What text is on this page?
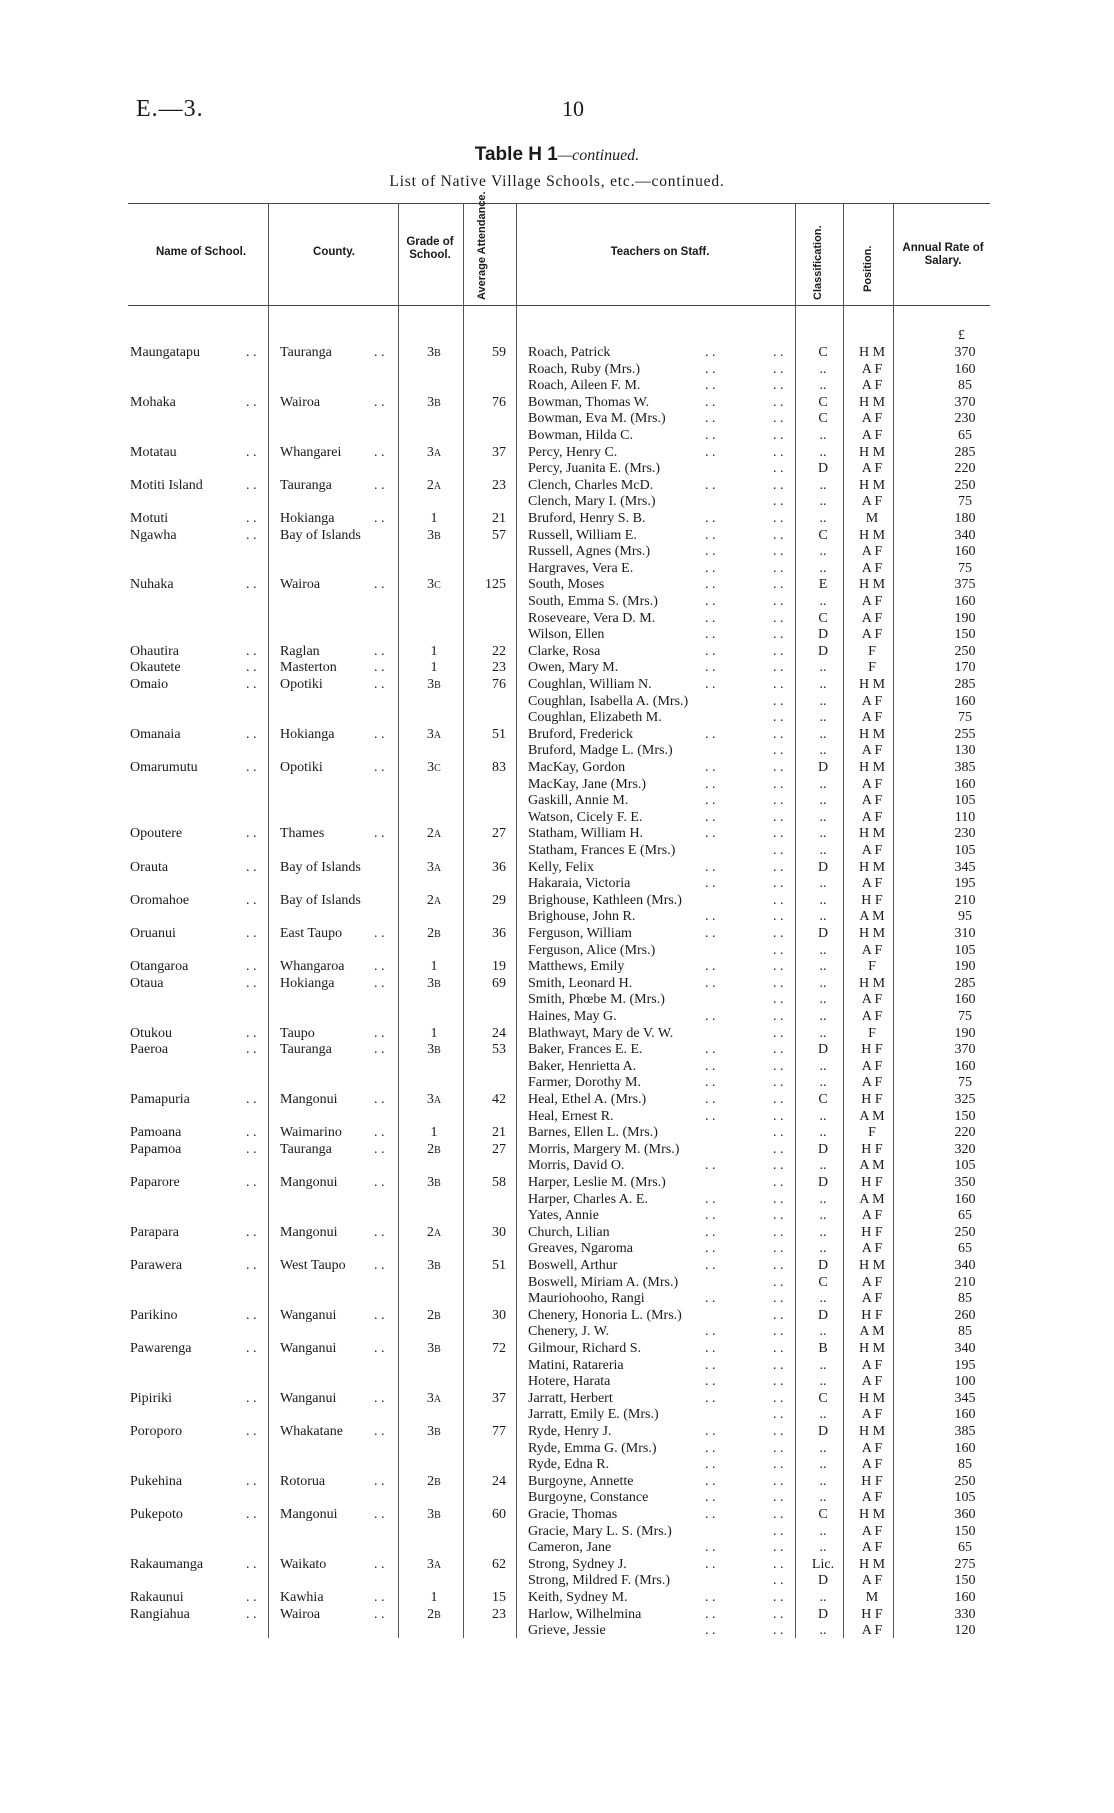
E.—3.	10
Table H 1—continued.
List of Native Village Schools, etc.—continued.
Name of School.	County.
Grade of School.	Average Attendance.	Teachers on Staff.	Classification.	Position. Annual Rate of Salary.
£
Maungatapu	. . Tauranga	. .	3B	59 Roach, Patrick	. .	. .	C	H M	370
Roach, Ruby (Mrs.)	. .	. .	..	A F	160
Roach, Aileen F. M.	. .	. .	..	A F	85
Mohaka	. . Wairoa	. .	3B	76 Bowman, Thomas W.	. .	. .	C	H M	370
Bowman, Eva M. (Mrs.)	. .	. .	C	A F	230
Bowman, Hilda C.	. .	. .	..	A F	65
Motatau	. . Whangarei . .	3A	37 Percy, Henry C.	. .	. .	..	H M	285
Percy, Juanita E. (Mrs.)	. .	D	A F	220
Motiti Island	. . Tauranga	. .	2A	23 Clench, Charles McD.	. .	. .	..	H M	250
Clench, Mary I. (Mrs.)	. .	..	A F	75
Motuti	. . Hokianga	. .	1	21 Bruford, Henry S. B.	. .	. .	..	M	180
Ngawha	. . Bay of Islands	3B	57 Russell, William E.	. .	. .	C	H M	340
Russell, Agnes (Mrs.)	. .	. .	..	A F	160
Hargraves, Vera E.	. .	. .	..	A F	75
Nuhaka	. . Wairoa	. .	3C	125 South, Moses	. .	. .	E	H M	375
South, Emma S. (Mrs.)	. .	. .	..	A F	160
Roseveare, Vera D. M.	. .	. .	C	A F	190
Wilson, Ellen	. .	. .	D	A F	150
Ohautira	. . Raglan	. .	1	22 Clarke, Rosa	. .	. .	D	F	250
Okautete	. . Masterton	. .	1	23 Owen, Mary M.	. .	. .	..	F	170
Omaio	. . Opotiki	. .	3B	76 Coughlan, William N.	. .	. .	..	H M	285
Coughlan, Isabella A. (Mrs.)	. .	..	A F	160
Coughlan, Elizabeth M.	. .	..	A F	75
Omanaia	. . Hokianga	. .	3A	51 Bruford, Frederick	. .	. .	..	H M	255
Bruford, Madge L. (Mrs.)	. .	..	A F	130
Omarumutu	. . Opotiki	. .	3C	83 MacKay, Gordon	. .	. .	D	H M	385
MacKay, Jane (Mrs.)	. .	. .	..	A F	160
Gaskill, Annie M.	. .	. .	..	A F	105
Watson, Cicely F. E.	. .	. .	..	A F	110
Opoutere	. . Thames	. .	2A	27 Statham, William H.	. .	. .	..	H M	230
Statham, Frances E (Mrs.)	. .	..	A F	105
Orauta	. . Bay of Islands	3A	36 Kelly, Felix	. .	. .	D	H M	345
Hakaraia, Victoria	. .	. .	..	A F	195
Oromahoe	. . Bay of Islands	2A	29 Brighouse, Kathleen (Mrs.)	. .	..	H F	210
Brighouse, John R.	. .	. .	..	A M	95
Oruanui	. . East Taupo . .	2B	36 Ferguson, William	. .	. .	D	H M	310
Ferguson, Alice (Mrs.)	. .	..	A F	105
Otangaroa	. . Whangaroa . .	1	19 Matthews, Emily	. .	. .	..	F	190
Otaua	. . Hokianga	. .	3B	69 Smith, Leonard H.	. .	. .	..	H M	285
Smith, Phœbe M. (Mrs.)	. .	..	A F	160
Haines, May G.	. .	. .	..	A F	75
Otukou	. . Taupo	. .	1	24 Blathwayt, Mary de V. W.	. .	..	F	190
Paeroa	. . Tauranga	. .	3B	53 Baker, Frances E. E.	. .	. .	D	H F	370
Baker, Henrietta A.	. .	. .	..	A F	160
Farmer, Dorothy M.	. .	. .	..	A F	75
Pamapuria	. . Mangonui	. .	3A	42 Heal, Ethel A. (Mrs.)	. .	. .	C	H F	325
Heal, Ernest R.	. .	. .	..	A M	150
Pamoana	. . Waimarino . .	1	21 Barnes, Ellen L. (Mrs.)	. .	..	F	220
Papamoa	. . Tauranga	. .	2B	27 Morris, Margery M. (Mrs.)	. .	D	H F	320
Morris, David O.	. .	. .	..	A M	105
Paparore	. . Mangonui	. .	3B	58 Harper, Leslie M. (Mrs.)	. .	D	H F	350
Harper, Charles A. E.	. .	. .	..	A M	160
Yates, Annie	. .	. .	..	A F	65
Parapara	. . Mangonui	. .	2A	30 Church, Lilian	. .	. .	..	H F	250
Greaves, Ngaroma	. .	. .	..	A F	65
Parawera	. . West Taupo . .	3B	51 Boswell, Arthur	. .	. .	D	H M	340
Boswell, Miriam A. (Mrs.)	. .	C	A F	210
Mauriohooho, Rangi	. .	. .	..	A F	85
Parikino	. . Wanganui	. .	2B	30 Chenery, Honoria L. (Mrs.)	. .	D	H F	260
Chenery, J. W.	. .	. .	..	A M	85
Pawarenga	. . Wanganui	. .	3B	72 Gilmour, Richard S.	. .	. .	B	H M	340
Matini, Ratareria	. .	. .	..	A F	195
Hotere, Harata	. .	. .	..	A F	100
Pipiriki	. . Wanganui	. .	3A	37 Jarratt, Herbert	. .	. .	C	H M	345
Jarratt, Emily E. (Mrs.)	. .	..	A F	160
Poroporo	. . Whakatane . .	3B	77 Ryde, Henry J.	. .	. .	D	H M	385
Ryde, Emma G. (Mrs.)	. .	. .	..	A F	160
Ryde, Edna R.	. .	. .	..	A F	85
Pukehina	. . Rotorua	. .	2B	24 Burgoyne, Annette	. .	. .	..	H F	250
Burgoyne, Constance	. .	. .	..	A F	105
Pukepoto	. . Mangonui	. .	3B	60 Gracie, Thomas	. .	. .	C	H M	360
Gracie, Mary L. S. (Mrs.)	. .	..	A F	150
Cameron, Jane	. .	. .	..	A F	65
Rakaumanga	. . Waikato	. .	3A	62 Strong, Sydney J.	. .	. .	Lic.	H M	275
Strong, Mildred F. (Mrs.)	. .	D	A F	150
Rakaunui	. . Kawhia	. .	1	15 Keith, Sydney M.	. .	. .	..	M	160
Rangiahua	. . Wairoa	. .	2B	23 Harlow, Wilhelmina	. .	. .	D	H F	330
Grieve, Jessie	. .	. .	..	A F	120
